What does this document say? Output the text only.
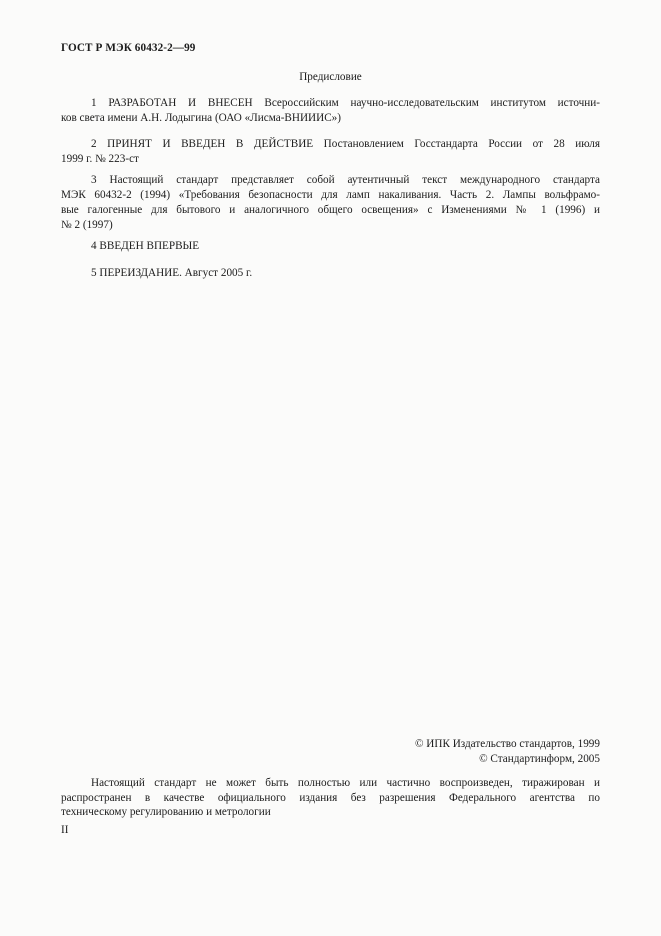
ГОСТ Р МЭК 60432-2—99
Предисловие
1 РАЗРАБОТАН И ВНЕСЕН Всероссийским научно-исследовательским институтом источни-
ков света имени А.Н. Лодыгина (ОАО «Лисма-ВНИИИС»)
2 ПРИНЯТ И ВВЕДЕН В ДЕЙСТВИЕ Постановлением Госстандарта России от 28 июля
1999 г. № 223-ст
3 Настоящий стандарт представляет собой аутентичный текст международного стандарта
МЭК 60432-2 (1994) «Требования безопасности для ламп накаливания. Часть 2. Лампы вольфрамо-
вые галогенные для бытового и аналогичного общего освещения» с Изменениями № 1 (1996) и
№ 2 (1997)
4 ВВЕДЕН ВПЕРВЫЕ
5 ПЕРЕИЗДАНИЕ. Август 2005 г.
© ИПК Издательство стандартов, 1999
© Стандартинформ, 2005
Настоящий стандарт не может быть полностью или частично воспроизведен, тиражирован и
распространен в качестве официального издания без разрешения Федерального агентства по
техническому регулированию и метрологии
II
